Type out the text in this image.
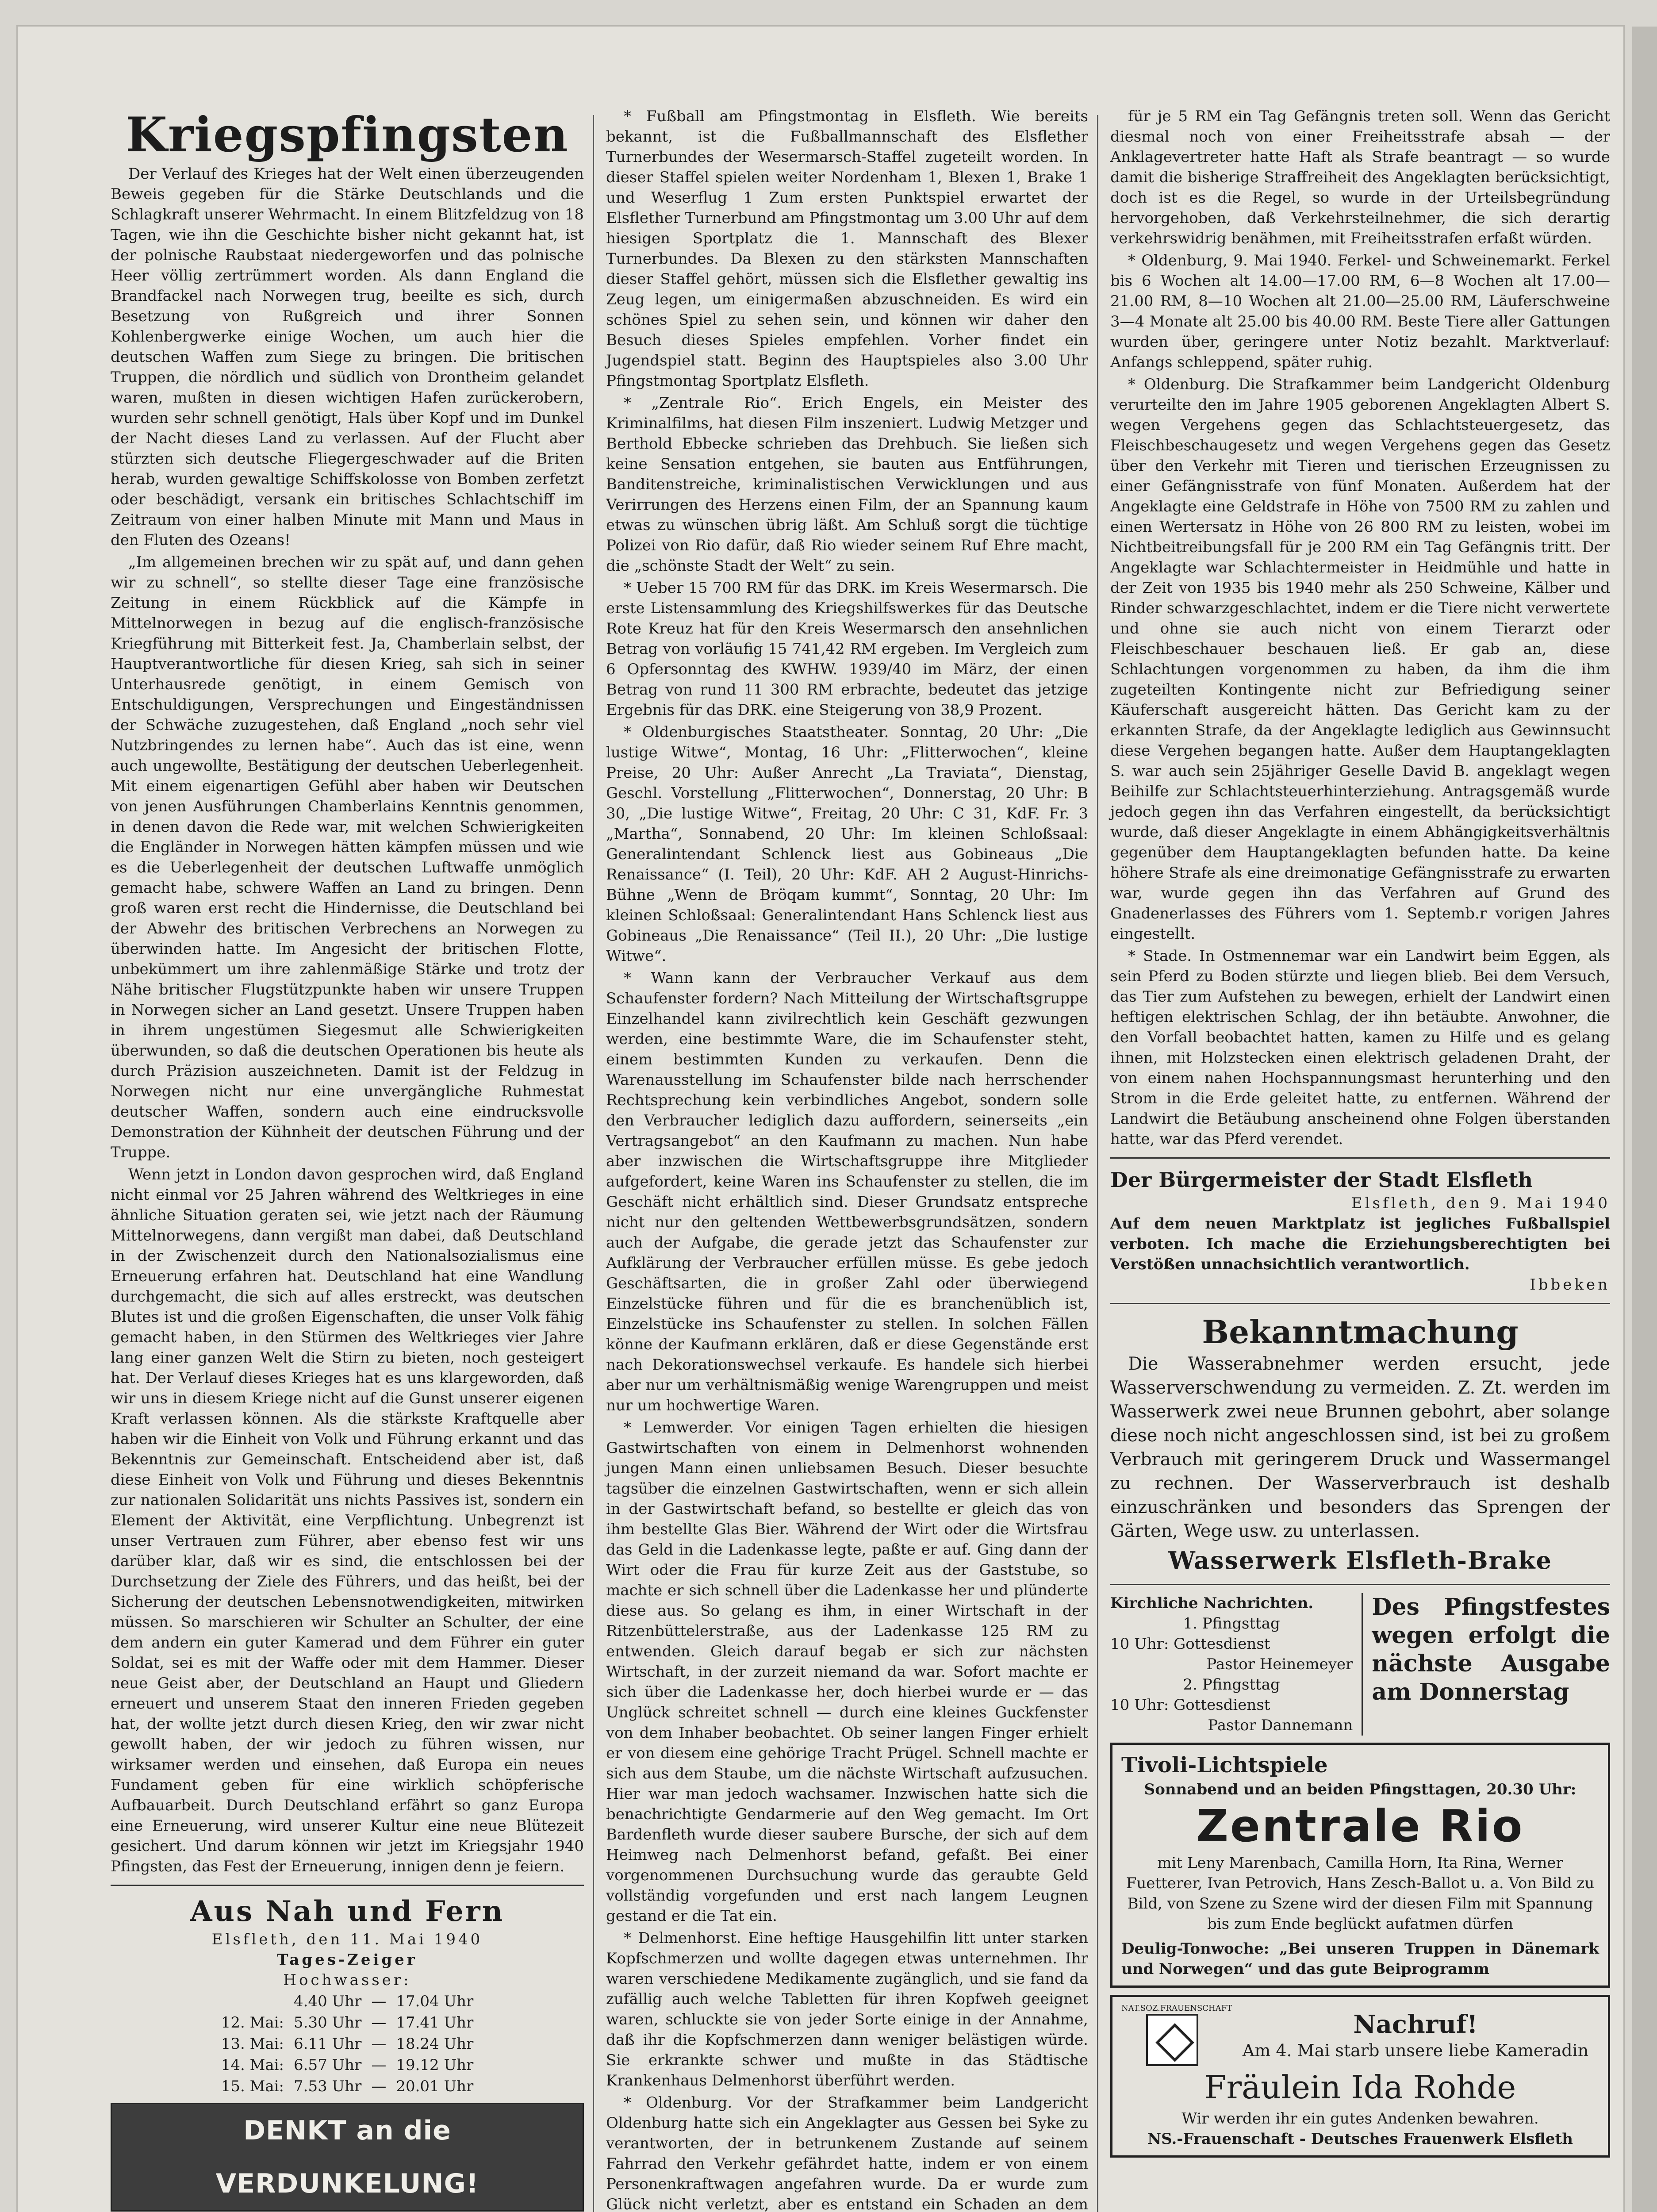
Kriegspfingsten

Der Verlauf des Krieges hat der Welt einen überzeugenden Beweis gegeben für die Stärke Deutschlands und die Schlagkraft unserer Wehrmacht. In einem Blitzfeldzug von 18 Tagen, wie ihn die Geschichte bisher nicht gekannt hat, ist der polnische Raubstaat niedergeworfen und das polnische Heer völlig zertrümmert worden. Als dann England die Brandfackel nach Norwegen trug, beeilte es sich, durch Besetzung von Rußgreich und ihrer Sonnen Kohlenbergwerke einige Wochen, um auch hier die deutschen Waffen zum Siege zu bringen. Die britischen Truppen, die nördlich und südlich von Drontheim gelandet waren, mußten in diesen wichtigen Hafen zurückerobern, wurden sehr schnell genötigt, Hals über Kopf und im Dunkel der Nacht dieses Land zu verlassen. Auf der Flucht aber stürzten sich deutsche Fliegergeschwader auf die Briten herab, wurden gewaltige Schiffskolosse von Bomben zerfetzt oder beschädigt, versank ein britisches Schlachtschiff im Zeitraum von einer halben Minute mit Mann und Maus in den Fluten des Ozeans!

„Im allgemeinen brechen wir zu spät auf, und dann gehen wir zu schnell“, so stellte dieser Tage eine französische Zeitung in einem Rückblick auf die Kämpfe in Mittelnorwegen in bezug auf die englisch-französische Kriegführung mit Bitterkeit fest. Ja, Chamberlain selbst, der Hauptverantwortliche für diesen Krieg, sah sich in seiner Unterhausrede genötigt, in einem Gemisch von Entschuldigungen, Versprechungen und Eingeständnissen der Schwäche zuzugestehen, daß England „noch sehr viel Nutzbringendes zu lernen habe“. Auch das ist eine, wenn auch ungewollte, Bestätigung der deutschen Ueberlegenheit. Mit einem eigenartigen Gefühl aber haben wir Deutschen von jenen Ausführungen Chamberlains Kenntnis genommen, in denen davon die Rede war, mit welchen Schwierigkeiten die Engländer in Norwegen hätten kämpfen müssen und wie es die Ueberlegenheit der deutschen Luftwaffe unmöglich gemacht habe, schwere Waffen an Land zu bringen. Denn groß waren erst recht die Hindernisse, die Deutschland bei der Abwehr des britischen Verbrechens an Norwegen zu überwinden hatte. Im Angesicht der britischen Flotte, unbekümmert um ihre zahlenmäßige Stärke und trotz der Nähe britischer Flugstützpunkte haben wir unsere Truppen in Norwegen sicher an Land gesetzt. Unsere Truppen haben in ihrem ungestümen Siegesmut alle Schwierigkeiten überwunden, so daß die deutschen Operationen bis heute als durch Präzision auszeichneten. Damit ist der Feldzug in Norwegen nicht nur eine unvergängliche Ruhmestat deutscher Waffen, sondern auch eine eindrucksvolle Demonstration der Kühnheit der deutschen Führung und der Truppe.

Wenn jetzt in London davon gesprochen wird, daß England nicht einmal vor 25 Jahren während des Weltkrieges in eine ähnliche Situation geraten sei, wie jetzt nach der Räumung Mittelnorwegens, dann vergißt man dabei, daß Deutschland in der Zwischenzeit durch den Nationalsozialismus eine Erneuerung erfahren hat. Deutschland hat eine Wandlung durchgemacht, die sich auf alles erstreckt, was deutschen Blutes ist und die großen Eigenschaften, die unser Volk fähig gemacht haben, in den Stürmen des Weltkrieges vier Jahre lang einer ganzen Welt die Stirn zu bieten, noch gesteigert hat. Der Verlauf dieses Krieges hat es uns klargeworden, daß wir uns in diesem Kriege nicht auf die Gunst unserer eigenen Kraft verlassen können. Als die stärkste Kraftquelle aber haben wir die Einheit von Volk und Führung erkannt und das Bekenntnis zur Gemeinschaft. Entscheidend aber ist, daß diese Einheit von Volk und Führung und dieses Bekenntnis zur nationalen Solidarität uns nichts Passives ist, sondern ein Element der Aktivität, eine Verpflichtung. Unbegrenzt ist unser Vertrauen zum Führer, aber ebenso fest wir uns darüber klar, daß wir es sind, die entschlossen bei der Durchsetzung der Ziele des Führers, und das heißt, bei der Sicherung der deutschen Lebensnotwendigkeiten, mitwirken müssen. So marschieren wir Schulter an Schulter, der eine dem andern ein guter Kamerad und dem Führer ein guter Soldat, sei es mit der Waffe oder mit dem Hammer. Dieser neue Geist aber, der Deutschland an Haupt und Gliedern erneuert und unserem Staat den inneren Frieden gegeben hat, der wollte jetzt durch diesen Krieg, den wir zwar nicht gewollt haben, der wir jedoch zu führen wissen, nur wirksamer werden und einsehen, daß Europa ein neues Fundament geben für eine wirklich schöpferische Aufbauarbeit. Durch Deutschland erfährt so ganz Europa eine Erneuerung, wird unserer Kultur eine neue Blütezeit gesichert. Und darum können wir jetzt im Kriegsjahr 1940 Pfingsten, das Fest der Erneuerung, innigen denn je feiern.

Aus Nah und Fern
Elsfleth, den 11. Mai 1940
Tages-Zeiger
Hochwasser:
	4.40 Uhr	—	17.04 Uhr
12. Mai:	5.30 Uhr	—	17.41 Uhr
13. Mai:	6.11 Uhr	—	18.24 Uhr
14. Mai:	6.57 Uhr	—	19.12 Uhr
15. Mai:	7.53 Uhr	—	20.01 Uhr
DENKT an die VERDUNKELUNG!

* Fußball am Pfingstmontag in Elsfleth. Wie bereits bekannt, ist die Fußballmannschaft des Elsflether Turnerbundes der Wesermarsch-Staffel zugeteilt worden. In dieser Staffel spielen weiter Nordenham 1, Blexen 1, Brake 1 und Weserflug 1 Zum ersten Punktspiel erwartet der Elsflether Turnerbund am Pfingstmontag um 3.00 Uhr auf dem hiesigen Sportplatz die 1. Mannschaft des Blexer Turnerbundes. Da Blexen zu den stärksten Mannschaften dieser Staffel gehört, müssen sich die Elsflether gewaltig ins Zeug legen, um einigermaßen abzuschneiden. Es wird ein schönes Spiel zu sehen sein, und können wir daher den Besuch dieses Spieles empfehlen. Vorher findet ein Jugendspiel statt. Beginn des Hauptspieles also 3.00 Uhr Pfingstmontag Sportplatz Elsfleth.

* „Zentrale Rio“. Erich Engels, ein Meister des Kriminalfilms, hat diesen Film inszeniert. Ludwig Metzger und Berthold Ebbecke schrieben das Drehbuch. Sie ließen sich keine Sensation entgehen, sie bauten aus Entführungen, Banditenstreiche, kriminalistischen Verwicklungen und aus Verirrungen des Herzens einen Film, der an Spannung kaum etwas zu wünschen übrig läßt. Am Schluß sorgt die tüchtige Polizei von Rio dafür, daß Rio wieder seinem Ruf Ehre macht, die „schönste Stadt der Welt“ zu sein.

* Ueber 15 700 RM für das DRK. im Kreis Wesermarsch. Die erste Listensammlung des Kriegshilfswerkes für das Deutsche Rote Kreuz hat für den Kreis Wesermarsch den ansehnlichen Betrag von vorläufig 15 741,42 RM ergeben. Im Vergleich zum 6 Opfersonntag des KWHW. 1939/40 im März, der einen Betrag von rund 11 300 RM erbrachte, bedeutet das jetzige Ergebnis für das DRK. eine Steigerung von 38,9 Prozent.

* Oldenburgisches Staatstheater. Sonntag, 20 Uhr: „Die lustige Witwe“, Montag, 16 Uhr: „Flitterwochen“, kleine Preise, 20 Uhr: Außer Anrecht „La Traviata“, Dienstag, Geschl. Vorstellung „Flitterwochen“, Donnerstag, 20 Uhr: B 30, „Die lustige Witwe“, Freitag, 20 Uhr: C 31, KdF. Fr. 3 „Martha“, Sonnabend, 20 Uhr: Im kleinen Schloßsaal: Generalintendant Schlenck liest aus Gobineaus „Die Renaissance“ (I. Teil), 20 Uhr: KdF. AH 2 August-Hinrichs-Bühne „Wenn de Bröqam kummt“, Sonntag, 20 Uhr: Im kleinen Schloßsaal: Generalintendant Hans Schlenck liest aus Gobineaus „Die Renaissance“ (Teil II.), 20 Uhr: „Die lustige Witwe“.

* Wann kann der Verbraucher Verkauf aus dem Schaufenster fordern? Nach Mitteilung der Wirtschaftsgruppe Einzelhandel kann zivilrechtlich kein Geschäft gezwungen werden, eine bestimmte Ware, die im Schaufenster steht, einem bestimmten Kunden zu verkaufen. Denn die Warenausstellung im Schaufenster bilde nach herrschender Rechtsprechung kein verbindliches Angebot, sondern solle den Verbraucher lediglich dazu auffordern, seinerseits „ein Vertragsangebot“ an den Kaufmann zu machen. Nun habe aber inzwischen die Wirtschaftsgruppe ihre Mitglieder aufgefordert, keine Waren ins Schaufenster zu stellen, die im Geschäft nicht erhältlich sind. Dieser Grundsatz entspreche nicht nur den geltenden Wettbewerbsgrundsätzen, sondern auch der Aufgabe, die gerade jetzt das Schaufenster zur Aufklärung der Verbraucher erfüllen müsse. Es gebe jedoch Geschäftsarten, die in großer Zahl oder überwiegend Einzelstücke führen und für die es branchenüblich ist, Einzelstücke ins Schaufenster zu stellen. In solchen Fällen könne der Kaufmann erklären, daß er diese Gegenstände erst nach Dekorationswechsel verkaufe. Es handele sich hierbei aber nur um verhältnismäßig wenige Warengruppen und meist nur um hochwertige Waren.

* Lemwerder. Vor einigen Tagen erhielten die hiesigen Gastwirtschaften von einem in Delmenhorst wohnenden jungen Mann einen unliebsamen Besuch. Dieser besuchte tagsüber die einzelnen Gastwirtschaften, wenn er sich allein in der Gastwirtschaft befand, so bestellte er gleich das von ihm bestellte Glas Bier. Während der Wirt oder die Wirtsfrau das Geld in die Ladenkasse legte, paßte er auf. Ging dann der Wirt oder die Frau für kurze Zeit aus der Gaststube, so machte er sich schnell über die Ladenkasse her und plünderte diese aus. So gelang es ihm, in einer Wirtschaft in der Ritzenbüttelerstraße, aus der Ladenkasse 125 RM zu entwenden. Gleich darauf begab er sich zur nächsten Wirtschaft, in der zurzeit niemand da war. Sofort machte er sich über die Ladenkasse her, doch hierbei wurde er — das Unglück schreitet schnell — durch eine kleines Guckfenster von dem Inhaber beobachtet. Ob seiner langen Finger erhielt er von diesem eine gehörige Tracht Prügel. Schnell machte er sich aus dem Staube, um die nächste Wirtschaft aufzusuchen. Hier war man jedoch wachsamer. Inzwischen hatte sich die benachrichtigte Gendarmerie auf den Weg gemacht. Im Ort Bardenfleth wurde dieser saubere Bursche, der sich auf dem Heimweg nach Delmenhorst befand, gefaßt. Bei einer vorgenommenen Durchsuchung wurde das geraubte Geld vollständig vorgefunden und erst nach langem Leugnen gestand er die Tat ein.

* Delmenhorst. Eine heftige Hausgehilfin litt unter starken Kopfschmerzen und wollte dagegen etwas unternehmen. Ihr waren verschiedene Medikamente zugänglich, und sie fand da zufällig auch welche Tabletten für ihren Kopfweh geeignet waren, schluckte sie von jeder Sorte einige in der Annahme, daß ihr die Kopfschmerzen dann weniger belästigen würde. Sie erkrankte schwer und mußte in das Städtische Krankenhaus Delmenhorst überführt werden.

* Oldenburg. Vor der Strafkammer beim Landgericht Oldenburg hatte sich ein Angeklagter aus Gessen bei Syke zu verantworten, der in betrunkenem Zustande auf seinem Fahrrad den Verkehr gefährdet hatte, indem er von einem Personenkraftwagen angefahren wurde. Da er wurde zum Glück nicht verletzt, aber es entstand ein Schaden an dem

für je 5 RM ein Tag Gefängnis treten soll. Wenn das Gericht diesmal noch von einer Freiheitsstrafe absah — der Anklagevertreter hatte Haft als Strafe beantragt — so wurde damit die bisherige Straffreiheit des Angeklagten berücksichtigt, doch ist es die Regel, so wurde in der Urteilsbegründung hervorgehoben, daß Verkehrsteilnehmer, die sich derartig verkehrswidrig benähmen, mit Freiheitsstrafen erfaßt würden.

* Oldenburg, 9. Mai 1940. Ferkel- und Schweinemarkt. Ferkel bis 6 Wochen alt 14.00—17.00 RM, 6—8 Wochen alt 17.00—21.00 RM, 8—10 Wochen alt 21.00—25.00 RM, Läuferschweine 3—4 Monate alt 25.00 bis 40.00 RM. Beste Tiere aller Gattungen wurden über, geringere unter Notiz bezahlt. Marktverlauf: Anfangs schleppend, später ruhig.

* Oldenburg. Die Strafkammer beim Landgericht Oldenburg verurteilte den im Jahre 1905 geborenen Angeklagten Albert S. wegen Vergehens gegen das Schlachtsteuergesetz, das Fleischbeschaugesetz und wegen Vergehens gegen das Gesetz über den Verkehr mit Tieren und tierischen Erzeugnissen zu einer Gefängnisstrafe von fünf Monaten. Außerdem hat der Angeklagte eine Geldstrafe in Höhe von 7500 RM zu zahlen und einen Wertersatz in Höhe von 26 800 RM zu leisten, wobei im Nichtbeitreibungsfall für je 200 RM ein Tag Gefängnis tritt. Der Angeklagte war Schlachtermeister in Heidmühle und hatte in der Zeit von 1935 bis 1940 mehr als 250 Schweine, Kälber und Rinder schwarzgeschlachtet, indem er die Tiere nicht verwertete und ohne sie auch nicht von einem Tierarzt oder Fleischbeschauer beschauen ließ. Er gab an, diese Schlachtungen vorgenommen zu haben, da ihm die ihm zugeteilten Kontingente nicht zur Befriedigung seiner Käuferschaft ausgereicht hätten. Das Gericht kam zu der erkannten Strafe, da der Angeklagte lediglich aus Gewinnsucht diese Vergehen begangen hatte. Außer dem Hauptangeklagten S. war auch sein 25jähriger Geselle David B. angeklagt wegen Beihilfe zur Schlachtsteuerhinterziehung. Antragsgemäß wurde jedoch gegen ihn das Verfahren eingestellt, da berücksichtigt wurde, daß dieser Angeklagte in einem Abhängigkeitsverhältnis gegenüber dem Hauptangeklagten befunden hatte. Da keine höhere Strafe als eine dreimonatige Gefängnisstrafe zu erwarten war, wurde gegen ihn das Verfahren auf Grund des Gnadenerlasses des Führers vom 1. Septemb.r vorigen Jahres eingestellt.

* Stade. In Ostmennemar war ein Landwirt beim Eggen, als sein Pferd zu Boden stürzte und liegen blieb. Bei dem Versuch, das Tier zum Aufstehen zu bewegen, erhielt der Landwirt einen heftigen elektrischen Schlag, der ihn betäubte. Anwohner, die den Vorfall beobachtet hatten, kamen zu Hilfe und es gelang ihnen, mit Holzstecken einen elektrisch geladenen Draht, der von einem nahen Hochspannungsmast herunterhing und den Strom in die Erde geleitet hatte, zu entfernen. Während der Landwirt die Betäubung anscheinend ohne Folgen überstanden hatte, war das Pferd verendet.

Der Bürgermeister der Stadt Elsfleth
Elsfleth, den 9. Mai 1940
Auf dem neuen Marktplatz ist jegliches Fußballspiel verboten. Ich mache die Erziehungsberechtigten bei Verstößen unnachsichtlich verantwortlich.
Ibbeken
Bekanntmachung

Die Wasserabnehmer werden ersucht, jede Wasserverschwendung zu vermeiden. Z. Zt. werden im Wasserwerk zwei neue Brunnen gebohrt, aber solange diese noch nicht angeschlossen sind, ist bei zu großem Verbrauch mit geringerem Druck und Wassermangel zu rechnen. Der Wasserverbrauch ist deshalb einzuschränken und besonders das Sprengen der Gärten, Wege usw. zu unterlassen.

Wasserwerk Elsfleth-Brake
Kirchliche Nachrichten.
1. Pfingsttag
10 Uhr: Gottesdienst
Pastor Heinemeyer
2. Pfingsttag
10 Uhr: Gottesdienst
Pastor Dannemann
Des Pfingstfestes wegen erfolgt die nächste Ausgabe am Donnerstag
Tivoli-Lichtspiele
Sonnabend und an beiden Pfingsttagen, 20.30 Uhr:
Zentrale Rio
mit Leny Marenbach, Camilla Horn, Ita Rina, Werner Fuetterer, Ivan Petrovich, Hans Zesch-Ballot u. a. Von Bild zu Bild, von Szene zu Szene wird der diesen Film mit Spannung bis zum Ende beglückt aufatmen dürfen
Deulig-Tonwoche: „Bei unseren Truppen in Dänemark und Norwegen“ und das gute Beiprogramm
NAT.SOZ.FRAUENSCHAFT
Nachruf!
Am 4. Mai starb unsere liebe Kameradin
Fräulein Ida Rohde
Wir werden ihr ein gutes Andenken bewahren.
NS.-Frauenschaft - Deutsches Frauenwerk Elsfleth
